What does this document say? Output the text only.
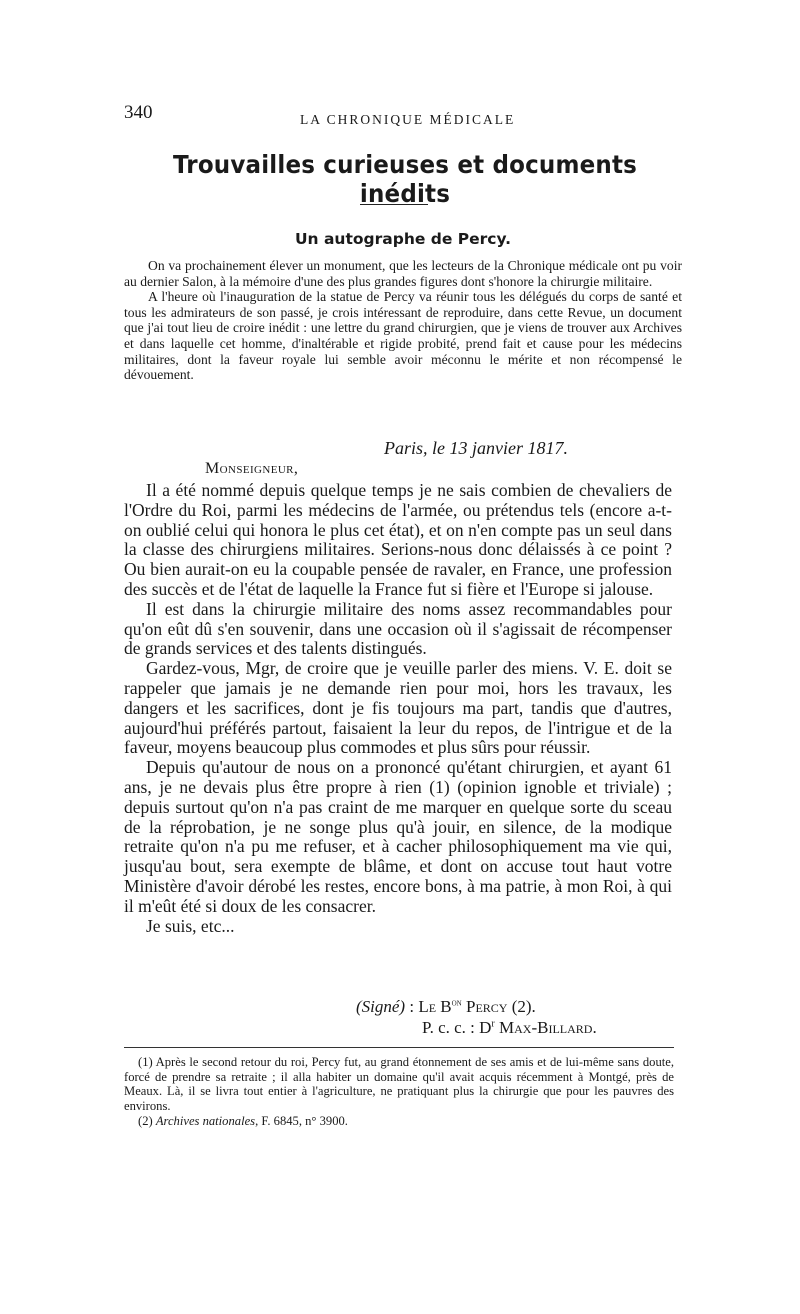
340	LA CHRONIQUE MÉDICALE
Trouvailles curieuses et documents inédits
Un autographe de Percy.

On va prochainement élever un monument, que les lecteurs de la Chronique médicale ont pu voir au dernier Salon, à la mémoire d'une des plus grandes figures dont s'honore la chirurgie militaire.

A l'heure où l'inauguration de la statue de Percy va réunir tous les délégués du corps de santé et tous les admirateurs de son passé, je crois intéressant de reproduire, dans cette Revue, un document que j'ai tout lieu de croire inédit : une lettre du grand chirurgien, que je viens de trouver aux Archives et dans laquelle cet homme, d'inaltérable et rigide probité, prend fait et cause pour les médecins militaires, dont la faveur royale lui semble avoir méconnu le mérite et non récompensé le dévouement.

Paris, le 13 janvier 1817.
Monseigneur,

Il a été nommé depuis quelque temps je ne sais combien de chevaliers de l'Ordre du Roi, parmi les médecins de l'armée, ou prétendus tels (encore a-t-on oublié celui qui honora le plus cet état), et on n'en compte pas un seul dans la classe des chirurgiens militaires. Serions-nous donc délaissés à ce point ? Ou bien aurait-on eu la coupable pensée de ravaler, en France, une profession des succès et de l'état de laquelle la France fut si fière et l'Europe si jalouse.

Il est dans la chirurgie militaire des noms assez recommandables pour qu'on eût dû s'en souvenir, dans une occasion où il s'agissait de récompenser de grands services et des talents distingués.

Gardez-vous, Mgr, de croire que je veuille parler des miens. V. E. doit se rappeler que jamais je ne demande rien pour moi, hors les travaux, les dangers et les sacrifices, dont je fis toujours ma part, tandis que d'autres, aujourd'hui préférés partout, faisaient la leur du repos, de l'intrigue et de la faveur, moyens beaucoup plus commodes et plus sûrs pour réussir.

Depuis qu'autour de nous on a prononcé qu'étant chirurgien, et ayant 61 ans, je ne devais plus être propre à rien (1) (opinion ignoble et triviale) ; depuis surtout qu'on n'a pas craint de me marquer en quelque sorte du sceau de la réprobation, je ne songe plus qu'à jouir, en silence, de la modique retraite qu'on n'a pu me refuser, et à cacher philosophiquement ma vie qui, jusqu'au bout, sera exempte de blâme, et dont on accuse tout haut votre Ministère d'avoir dérobé les restes, encore bons, à ma patrie, à mon Roi, à qui il m'eût été si doux de les consacrer.

Je suis, etc...

(Signé) : Le $B^{on}$ Percy (2).
P. c. c. : $D^r$ Max-Billard.

(1) Après le second retour du roi, Percy fut, au grand étonnement de ses amis et de lui-même sans doute, forcé de prendre sa retraite ; il alla habiter un domaine qu'il avait acquis récemment à Montgé, près de Meaux. Là, il se livra tout entier à l'agriculture, ne pratiquant plus la chirurgie que pour les pauvres des environs.

(2) Archives nationales, F. 6845, n° 3900.
